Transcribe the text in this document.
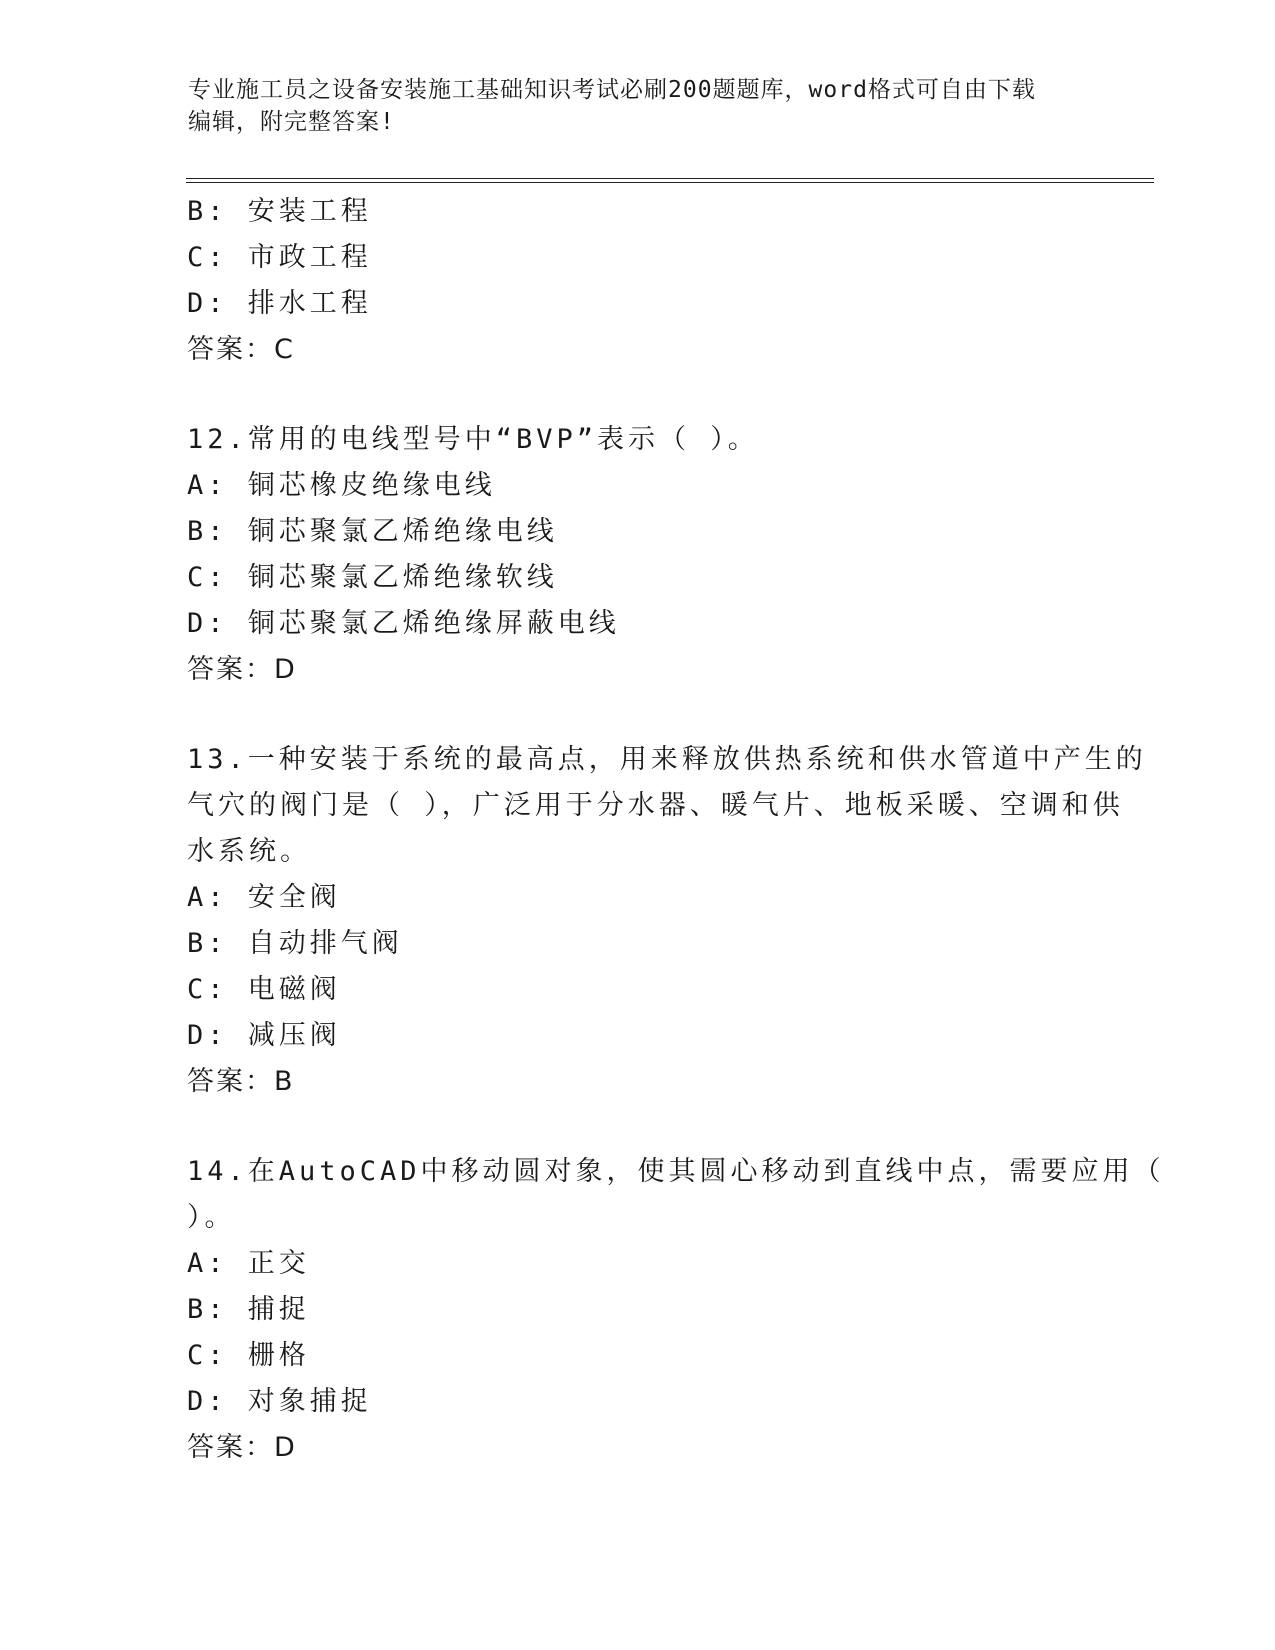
专业施工员之设备安装施工基础知识考试必刷200题题库，word格式可自由下载
编辑，附完整答案!
B: 安装工程
C: 市政工程
D: 排水工程
答案：C
12.常用的电线型号中“BVP”表示（ ）。
A: 铜芯橡皮绝缘电线
B: 铜芯聚氯乙烯绝缘电线
C: 铜芯聚氯乙烯绝缘软线
D: 铜芯聚氯乙烯绝缘屏蔽电线
答案：D
13.一种安装于系统的最高点，用来释放供热系统和供水管道中产生的
气穴的阀门是（ ），广泛用于分水器、暖气片、地板采暖、空调和供
水系统。
A: 安全阀
B: 自动排气阀
C: 电磁阀
D: 减压阀
答案：B
14.在AutoCAD中移动圆对象，使其圆心移动到直线中点，需要应用（
）。
A: 正交
B: 捕捉
C: 栅格
D: 对象捕捉
答案：D
